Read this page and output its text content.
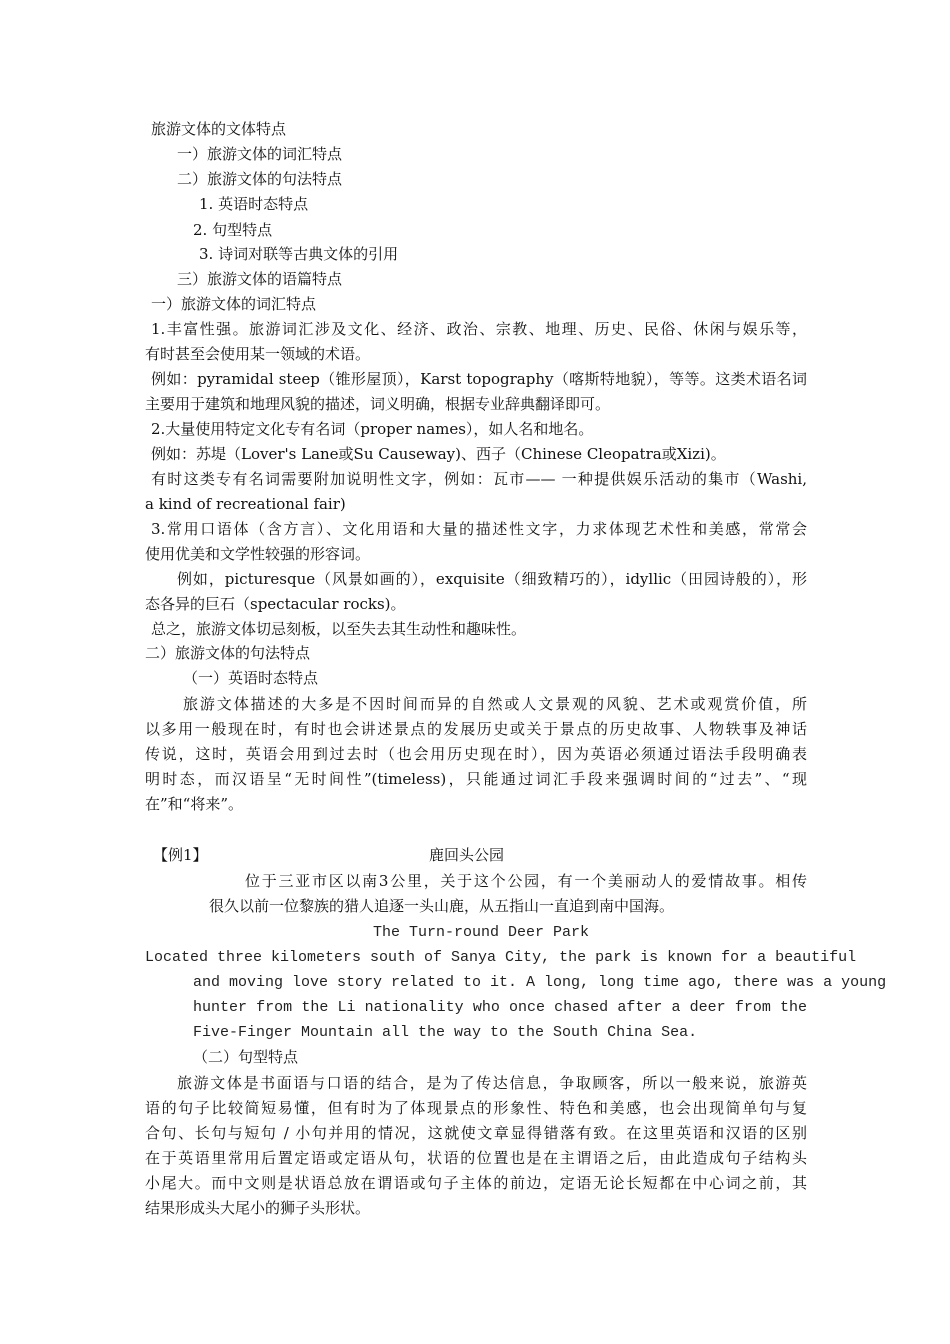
旅游文体的文体特点
一）旅游文体的词汇特点
二）旅游文体的句法特点
1. 英语时态特点
2. 句型特点
3. 诗词对联等古典文体的引用
三）旅游文体的语篇特点
一）旅游文体的词汇特点
1.丰富性强。旅游词汇涉及文化、经济、政治、宗教、地理、历史、民俗、休闲与娱乐等，
有时甚至会使用某一领域的术语。
例如：pyramidal steep（锥形屋顶），Karst topography（喀斯特地貌），等等。这类术语名词
主要用于建筑和地理风貌的描述，词义明确，根据专业辞典翻译即可。
2.大量使用特定文化专有名词（proper names），如人名和地名。
例如：苏堤（Lover's Lane或Su Causeway)、西子（Chinese Cleopatra或Xizi)。
有时这类专有名词需要附加说明性文字，例如：瓦市—— 一种提供娱乐活动的集市（Washi,
a kind of recreational fair)
3.常用口语体（含方言）、文化用语和大量的描述性文字，力求体现艺术性和美感，常常会
使用优美和文学性较强的形容词。
例如，picturesque（风景如画的），exquisite（细致精巧的），idyllic（田园诗般的），形
态各异的巨石（spectacular rocks)。
总之，旅游文体切忌刻板，以至失去其生动性和趣味性。
二）旅游文体的句法特点
（一）英语时态特点
旅游文体描述的大多是不因时间而异的自然或人文景观的风貌、艺术或观赏价值，所
以多用一般现在时，有时也会讲述景点的发展历史或关于景点的历史故事、人物轶事及神话
传说，这时，英语会用到过去时（也会用历史现在时），因为英语必须通过语法手段明确表
明时态，而汉语呈“无时间性”(timeless)，只能通过词汇手段来强调时间的“过去”、“现
在”和“将来”。
【例1】	鹿回头公园
位于三亚市区以南3公里，关于这个公园，有一个美丽动人的爱情故事。相传
很久以前一位黎族的猎人追逐一头山鹿，从五指山一直追到南中国海。
The Turn-round Deer Park
Located three kilometers south of Sanya City, the park is known for a beautiful
and moving love story related to it. A long, long time ago, there was a young
hunter from the Li nationality who once chased after a deer from the
Five-Finger Mountain all the way to the South China Sea.
（二）句型特点
旅游文体是书面语与口语的结合，是为了传达信息，争取顾客，所以一般来说，旅游英
语的句子比较简短易懂，但有时为了体现景点的形象性、特色和美感，也会出现简单句与复
合句、长句与短句 / 小句并用的情况，这就使文章显得错落有致。在这里英语和汉语的区别
在于英语里常用后置定语或定语从句，状语的位置也是在主谓语之后，由此造成句子结构头
小尾大。而中文则是状语总放在谓语或句子主体的前边，定语无论长短都在中心词之前，其
结果形成头大尾小的狮子头形状。
